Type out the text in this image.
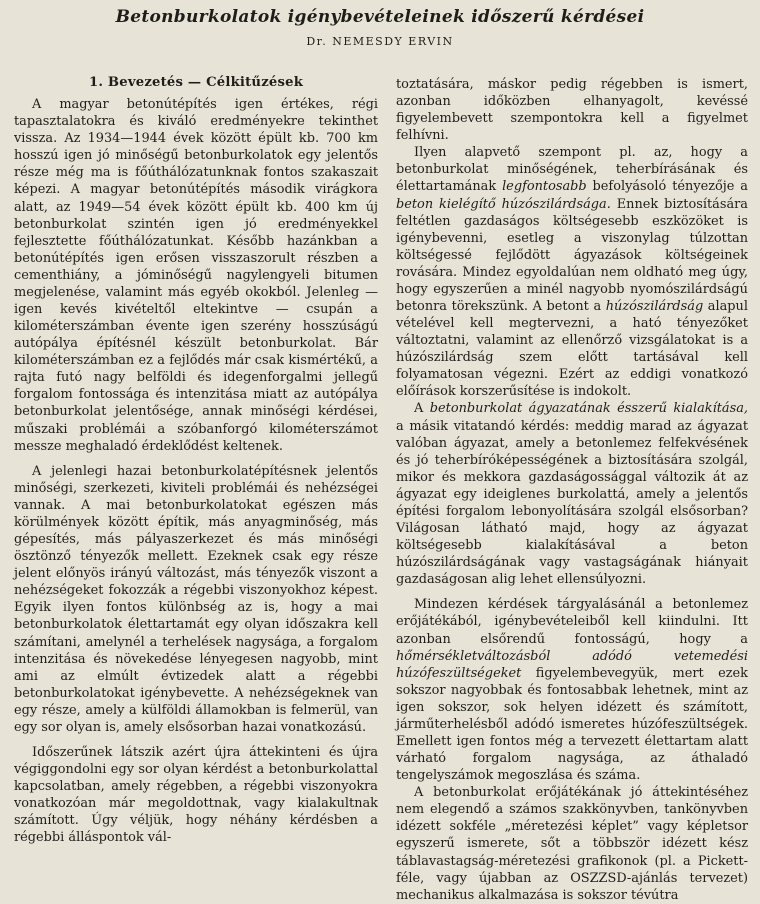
Betonburkolatok igénybevételeinek időszerű kérdései
Dr. NEMESDY ERVIN
1. Bevezetés — Célkitűzések

A magyar betonútépítés igen értékes, régi tapasztalatokra és kiváló eredményekre tekinthet vissza. Az 1934—1944 évek között épült kb. 700 km hosszú igen jó minőségű betonburkolatok egy jelentős része még ma is főúthálózatunknak fontos szakaszait képezi. A magyar betonútépítés második virágkora alatt, az 1949—54 évek között épült kb. 400 km új betonburkolat szintén igen jó eredményekkel fejlesztette főúthálózatunkat. Később hazánkban a betonútépítés igen erősen visszaszorult részben a cementhiány, a jóminőségű nagylengyeli bitumen megjelenése, valamint más egyéb okokból. Jelenleg — igen kevés kivételtől eltekintve — csupán a kilométerszámban évente igen szerény hosszúságú autópálya építésnél készült betonburkolat. Bár kilométerszámban ez a fejlődés már csak kismértékű, a rajta futó nagy belföldi és idegenforgalmi jellegű forgalom fontossága és intenzitása miatt az autópálya betonburkolat jelentősége, annak minőségi kérdései, műszaki problémái a szóbanforgó kilométerszámot messze meghaladó érdeklődést keltenek.

A jelenlegi hazai betonburkolatépítésnek jelentős minőségi, szerkezeti, kiviteli problémái és nehézségei vannak. A mai betonburkolatokat egészen más körülmények között építik, más anyagminőség, más gépesítés, más pályaszerkezet és más minőségi ösztönző tényezők mellett. Ezeknek csak egy része jelent előnyös irányú változást, más tényezők viszont a nehézségeket fokozzák a régebbi viszonyokhoz képest. Egyik ilyen fontos különbség az is, hogy a mai betonburkolatok élettartamát egy olyan időszakra kell számítani, amelynél a terhelések nagysága, a forgalom intenzitása és növekedése lényegesen nagyobb, mint ami az elmúlt évtizedek alatt a régebbi betonburkolatokat igénybevette. A nehézségeknek van egy része, amely a külföldi államokban is felmerül, van egy sor olyan is, amely elsősorban hazai vonatkozású.

Időszerűnek látszik azért újra áttekinteni és újra végiggondolni egy sor olyan kérdést a betonburkolattal kapcsolatban, amely régebben, a régebbi viszonyokra vonatkozóan már megoldottnak, vagy kialakultnak számított. Úgy véljük, hogy néhány kérdésben a régebbi álláspontok vál-

toztatására, máskor pedig régebben is ismert, azonban időközben elhanyagolt, kevéssé figyelembevett szempontokra kell a figyelmet felhívni.

Ilyen alapvető szempont pl. az, hogy a betonburkolat minőségének, teherbírásának és élettartamának legfontosabb befolyásoló tényezője a beton kielégítő húzószilárdsága. Ennek biztosítására feltétlen gazdaságos költségesebb eszközöket is igénybevenni, esetleg a viszonylag túlzottan költségessé fejlődött ágyazások költségeinek rovására. Mindez egyoldalúan nem oldható meg úgy, hogy egyszerűen a minél nagyobb nyomószilárdságú betonra törekszünk. A betont a húzószilárdság alapul vételével kell megtervezni, a ható tényezőket változtatni, valamint az ellenőrző vizsgálatokat is a húzószilárdság szem előtt tartásával kell folyamatosan végezni. Ezért az eddigi vonatkozó előírások korszerűsítése is indokolt.

A betonburkolat ágyazatának ésszerű kialakítása, a másik vitatandó kérdés: meddig marad az ágyazat valóban ágyazat, amely a betonlemez felfekvésének és jó teherbíróképességének a biztosítására szolgál, mikor és mekkora gazdaságossággal változik át az ágyazat egy ideiglenes burkolattá, amely a jelentős építési forgalom lebonyolítására szolgál elsősorban? Világosan látható majd, hogy az ágyazat költségesebb kialakításával a beton húzószilárdságának vagy vastagságának hiányait gazdaságosan alig lehet ellensúlyozni.

Mindezen kérdések tárgyalásánál a betonlemez erőjátékából, igénybevételeiből kell kiindulni. Itt azonban elsőrendű fontosságú, hogy a hőmérsékletváltozásból adódó vetemedési húzófeszültségeket figyelembevegyük, mert ezek sokszor nagyobbak és fontosabbak lehetnek, mint az igen sokszor, sok helyen idézett és számított, járműterhelésből adódó ismeretes húzófeszültségek. Emellett igen fontos még a tervezett élettartam alatt várható forgalom nagysága, az áthaladó tengelyszámok megoszlása és száma.

A betonburkolat erőjátékának jó áttekintéséhez nem elegendő a számos szakkönyvben, tankönyvben idézett sokféle „méretezési képlet” vagy képletsor egyszerű ismerete, sőt a többször idézett kész táblavastagság-méretezési grafikonok (pl. a Pickett-féle, vagy újabban az OSZZSD-ajánlás tervezet) mechanikus alkalmazása is sokszor tévútra
